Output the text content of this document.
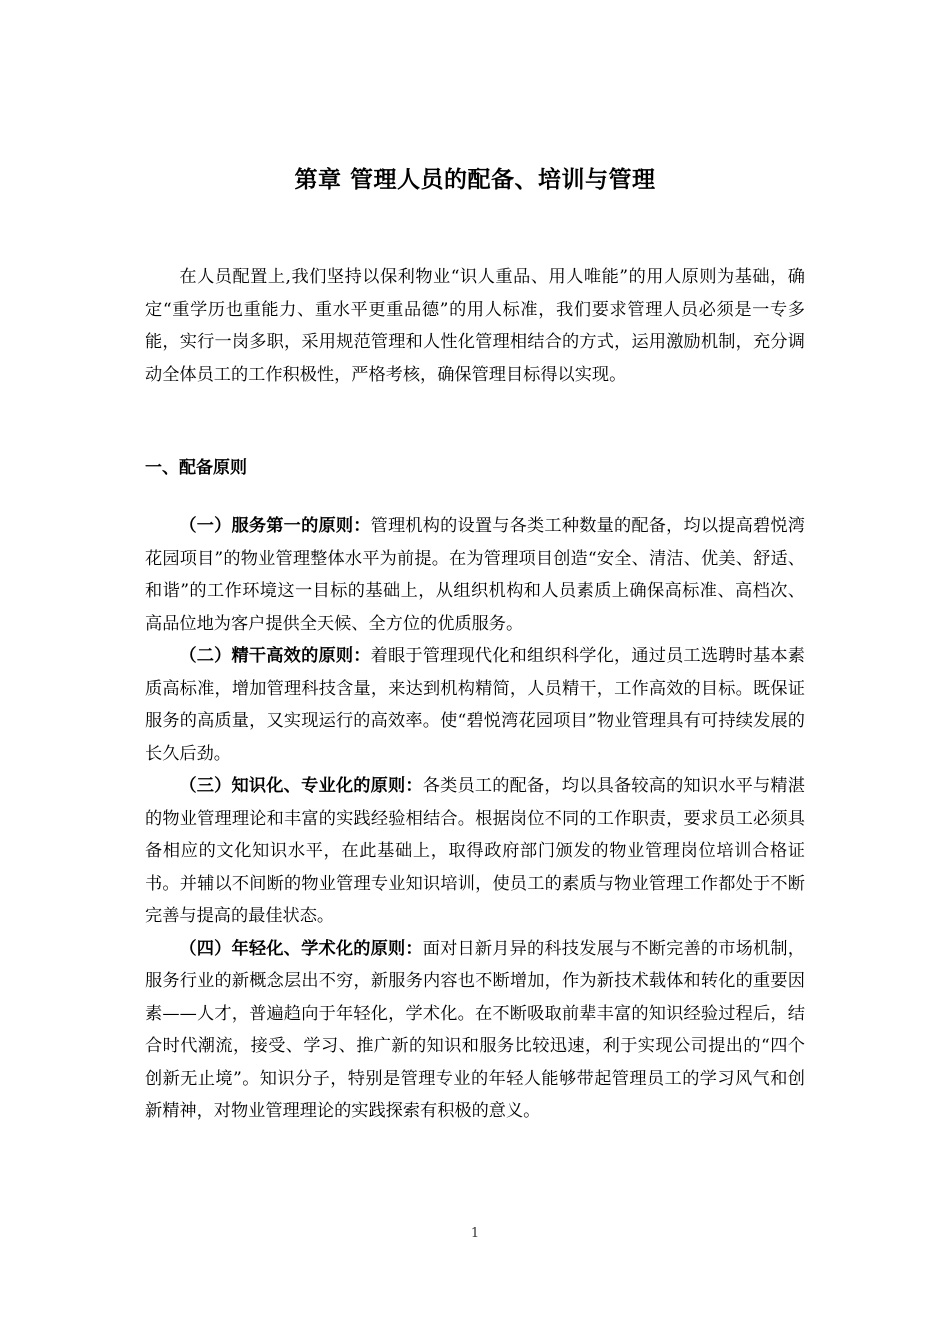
第章 管理人员的配备、培训与管理

在人员配置上,我们坚持以保利物业“识人重品、用人唯能”的用人原则为基础，确定“重学历也重能力、重水平更重品德”的用人标准，我们要求管理人员必须是一专多能，实行一岗多职，采用规范管理和人性化管理相结合的方式，运用激励机制，充分调动全体员工的工作积极性，严格考核，确保管理目标得以实现。

一、配备原则

（一）服务第一的原则：管理机构的设置与各类工种数量的配备，均以提高碧悦湾花园项目”的物业管理整体水平为前提。在为管理项目创造“安全、清洁、优美、舒适、和谐”的工作环境这一目标的基础上，从组织机构和人员素质上确保高标准、高档次、高品位地为客户提供全天候、全方位的优质服务。

（二）精干高效的原则：着眼于管理现代化和组织科学化，通过员工选聘时基本素质高标准，增加管理科技含量，来达到机构精简，人员精干，工作高效的目标。既保证服务的高质量，又实现运行的高效率。使“碧悦湾花园项目”物业管理具有可持续发展的长久后劲。

（三）知识化、专业化的原则：各类员工的配备，均以具备较高的知识水平与精湛的物业管理理论和丰富的实践经验相结合。根据岗位不同的工作职责，要求员工必须具备相应的文化知识水平，在此基础上，取得政府部门颁发的物业管理岗位培训合格证书。并辅以不间断的物业管理专业知识培训，使员工的素质与物业管理工作都处于不断完善与提高的最佳状态。

（四）年轻化、学术化的原则：面对日新月异的科技发展与不断完善的市场机制，服务行业的新概念层出不穷，新服务内容也不断增加，作为新技术载体和转化的重要因素——人才，普遍趋向于年轻化，学术化。在不断吸取前辈丰富的知识经验过程后，结合时代潮流，接受、学习、推广新的知识和服务比较迅速，利于实现公司提出的“四个创新无止境”。知识分子，特别是管理专业的年轻人能够带起管理员工的学习风气和创新精神，对物业管理理论的实践探索有积极的意义。

1
